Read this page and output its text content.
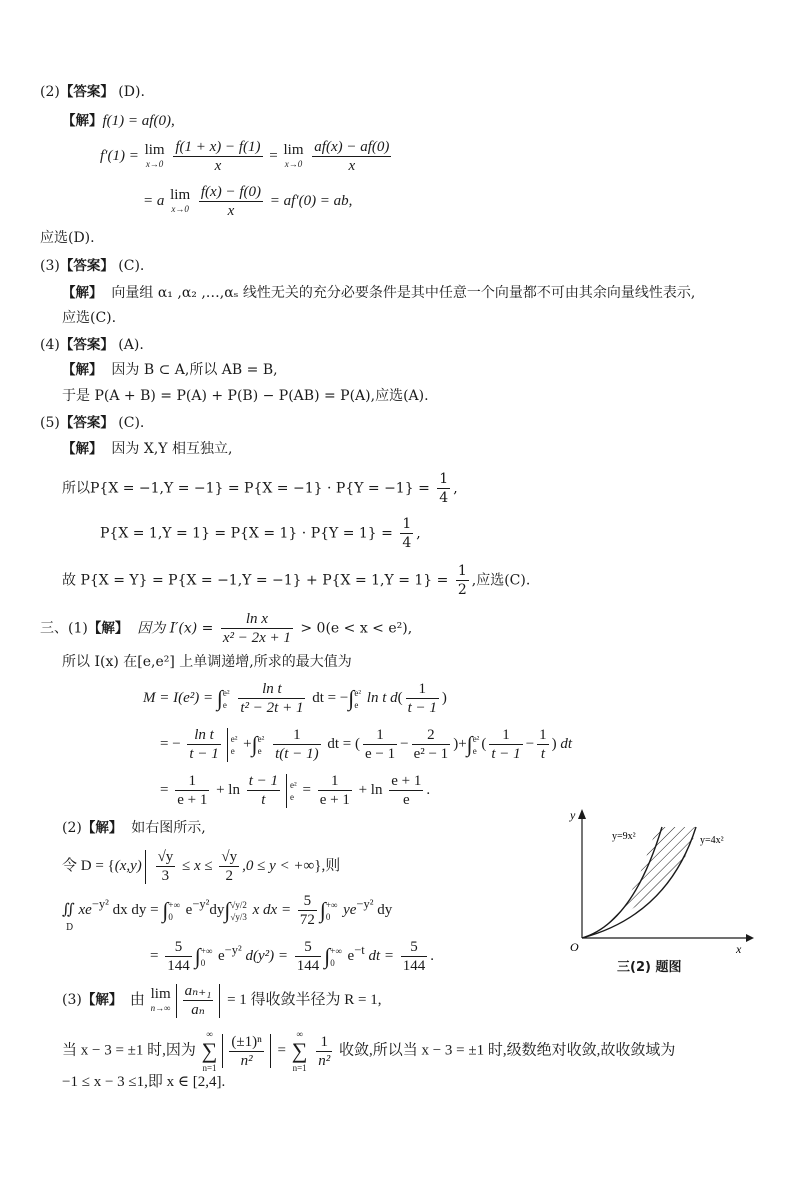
(2)【答案】 (D).
【解】f(1) = af(0),
f′(1) = lim
x→0
$\frac{f(1 + x) - f(1)}{x} = \lim$
x→0
$\frac{af(x) - af(0)}{x}$
= a lim
x→0
$\frac{f(x) - f(0)}{x} = af'(0)$ = ab,
应选(D).
(3)【答案】 (C).
【解】 向量组 α₁ ,α₂ ,…,αₛ 线性无关的充分必要条件是其中任意一个向量都不可由其余向量线性表示,
应选(C).
(4)【答案】 (A).
【解】 因为 B ⊂ A,所以 AB = B,
于是 P(A + B) = P(A) + P(B) − P(AB) = P(A),应选(A).
(5)【答案】 (C).
【解】 因为 X,Y 相互独立,
所以$P\{X = -1,Y = -1\} = P\{X = -1\} \cdot P\{Y = -1\} = \frac{1}{4}$ ,
$P\{X = 1,Y = 1\} = P\{X = 1\} \cdot P\{Y = 1\} = \frac{1}{4}$ ,
故 $P\{X = Y\} = P\{X = -1,Y = -1\} + P\{X = 1,Y = 1\} = \frac{1}{2}$ ,应选(C).
三、(1)【解】 因为 $I'(x) = \frac{\text{ln x}}{\text{x² − 2x + 1}} > 0(e < x < e^2)$,
所以 I(x) 在[e,e²] 上单调递增,所求的最大值为
M = I(e²) = ∫ e²
e
$\frac{\text{ln t}}{\text{t² − 2t + 1}}$ dt = −∫ e²
e ln t $d( \frac{1}{t - 1}$ )
= − $\frac{\text{ln t}}{t - 1} e^2$
e +∫ e²
e
$\frac{1}{t(t - 1)}$ dt = ( $\frac{1}{e - 1} - \frac{2}{\text{e² − 1}}$ )+∫ e²
e ( $\frac{1}{t - 1} - \frac{1}{t}$ ) dt
= $\frac{1}{e + 1} + \ln \frac{t - 1}{t} e^2$
$e = \frac{1}{e + 1} + \ln \frac{e + 1}{e}$ .
(2)【解】 如右图所示,
令 $D = \{(x,y) \frac{√y}{3} \le x \le \frac{√y}{2} ,0 \le y$ < +∞},则
∬ $xe^{-y^2}$ dx dy = ∫ +∞
0 $e^{-y^2}dy\int$ √y/2
√y/3 x dx = $\frac{5}{72}$ ∫ +∞
0 $ye^{-y^2}$ dy
D
= $\frac{5}{144}$ ∫ +∞
0 $e^{-y^2}$ $d(y^2) = \frac{5}{144}$ ∫ +∞
0 $e^{-t}$ dt = $\frac{5}{144}$ .
y
x
O
y=9x²	y=4x²
三(2) 题图
(3)【解】 由 lim
$n\to\infty \frac{\text{aₙ₊₁}}{\text{aₙ}} = 1$ 得收敛半径为 R = 1,
当 x − 3 = ±1 时,因为
∞
∑
$n=1 \frac{\text{(±1)ⁿ}}{\text{n²}}$ =
∞
∑
n=1
$\frac{1}{\text{n²}}$ 收敛,所以当 x − 3 = ±1 时,级数绝对收敛,故收敛域为
−1 ≤ x − 3 ≤1,即 x ∈ [2,4].
